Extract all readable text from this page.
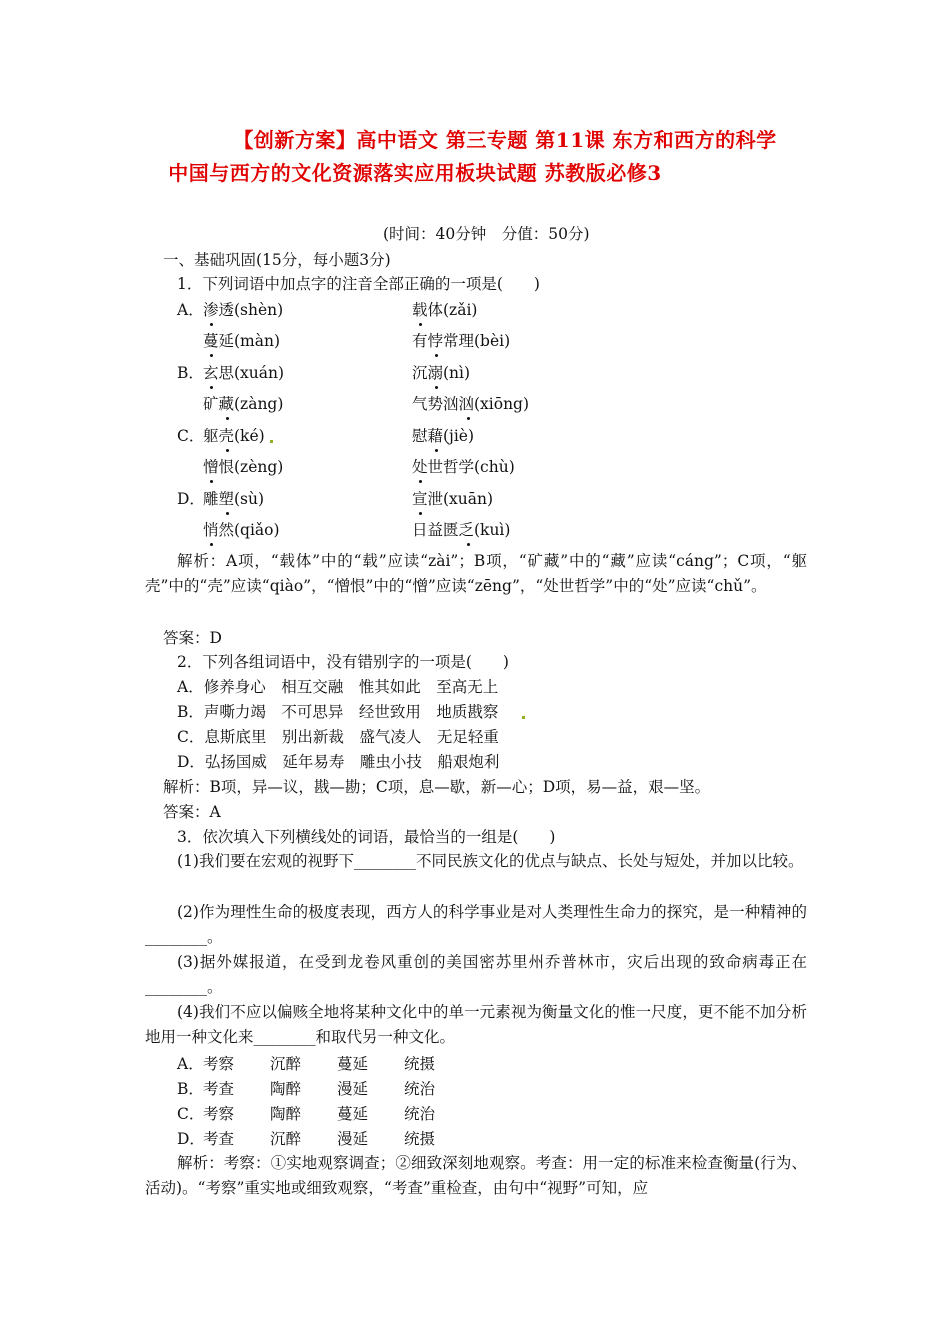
【创新方案】高中语文 第三专题 第11课 东方和西方的科学
中国与西方的文化资源落实应用板块试题 苏教版必修3
(时间：40分钟　分值：50分)
一、基础巩固(15分，每小题3分)
1．下列词语中加点字的注音全部正确的一项是(　　)
A． 渗透(shèn)	载体(zǎi)
蔓延(màn)	有悖常理(bèi)
B． 玄思(xuán)	沉溺(nì)
矿藏(zàng)	气势汹汹(xiōng)
C．
躯壳(ké)	慰藉(jiè)
憎恨(zèng)	处世哲学(chù)
D．
雕塑(sù)	宣泄(xuān)
悄然(qiǎo)	日益匮乏(kuì)

解析：A项，“载体”中的“载”应读“zài”；B项，“矿藏”中的“藏”应读“cáng”；C项，“躯壳”中的“壳”应读“qiào”，“憎恨”中的“憎”应读“zēng”，“处世哲学”中的“处”应读“chǔ”。

答案：D
2．下列各组词语中，没有错别字的一项是(　　)
A．修养身心　相互交融　惟其如此　至高无上
B．声嘶力竭　不可思异　经世致用　地质戡察
C．息斯底里　别出新裁　盛气凌人　无足轻重
D．弘扬国威　延年易寿　雕虫小技　船艰炮利
解析：B项，异—议，戡—勘；C项，息—歇，新—心；D项，易—益，艰—坚。
答案：A
3．依次填入下列横线处的词语，最恰当的一组是(　　)

(1)我们要在宏观的视野下________不同民族文化的优点与缺点、长处与短处，并加以比较。

(2)作为理性生命的极度表现，西方人的科学事业是对人类理性生命力的探究，是一种精神的________。

(3)据外媒报道，在受到龙卷风重创的美国密苏里州乔普林市，灾后出现的致命病毒正在________。

(4)我们不应以偏赅全地将某种文化中的单一元素视为衡量文化的惟一尺度，更不能不加分析地用一种文化来________和取代另一种文化。

A． 考察 沉醉 蔓延 统摄
B． 考查 陶醉 漫延 统治
C．
考察 陶醉 蔓延 统治
D．
考查 沉醉 漫延 统摄

解析：考察：①实地观察调查；②细致深刻地观察。考查：用一定的标准来检查衡量(行为、活动)。“考察”重实地或细致观察，“考查”重检查，由句中“视野”可知，应
